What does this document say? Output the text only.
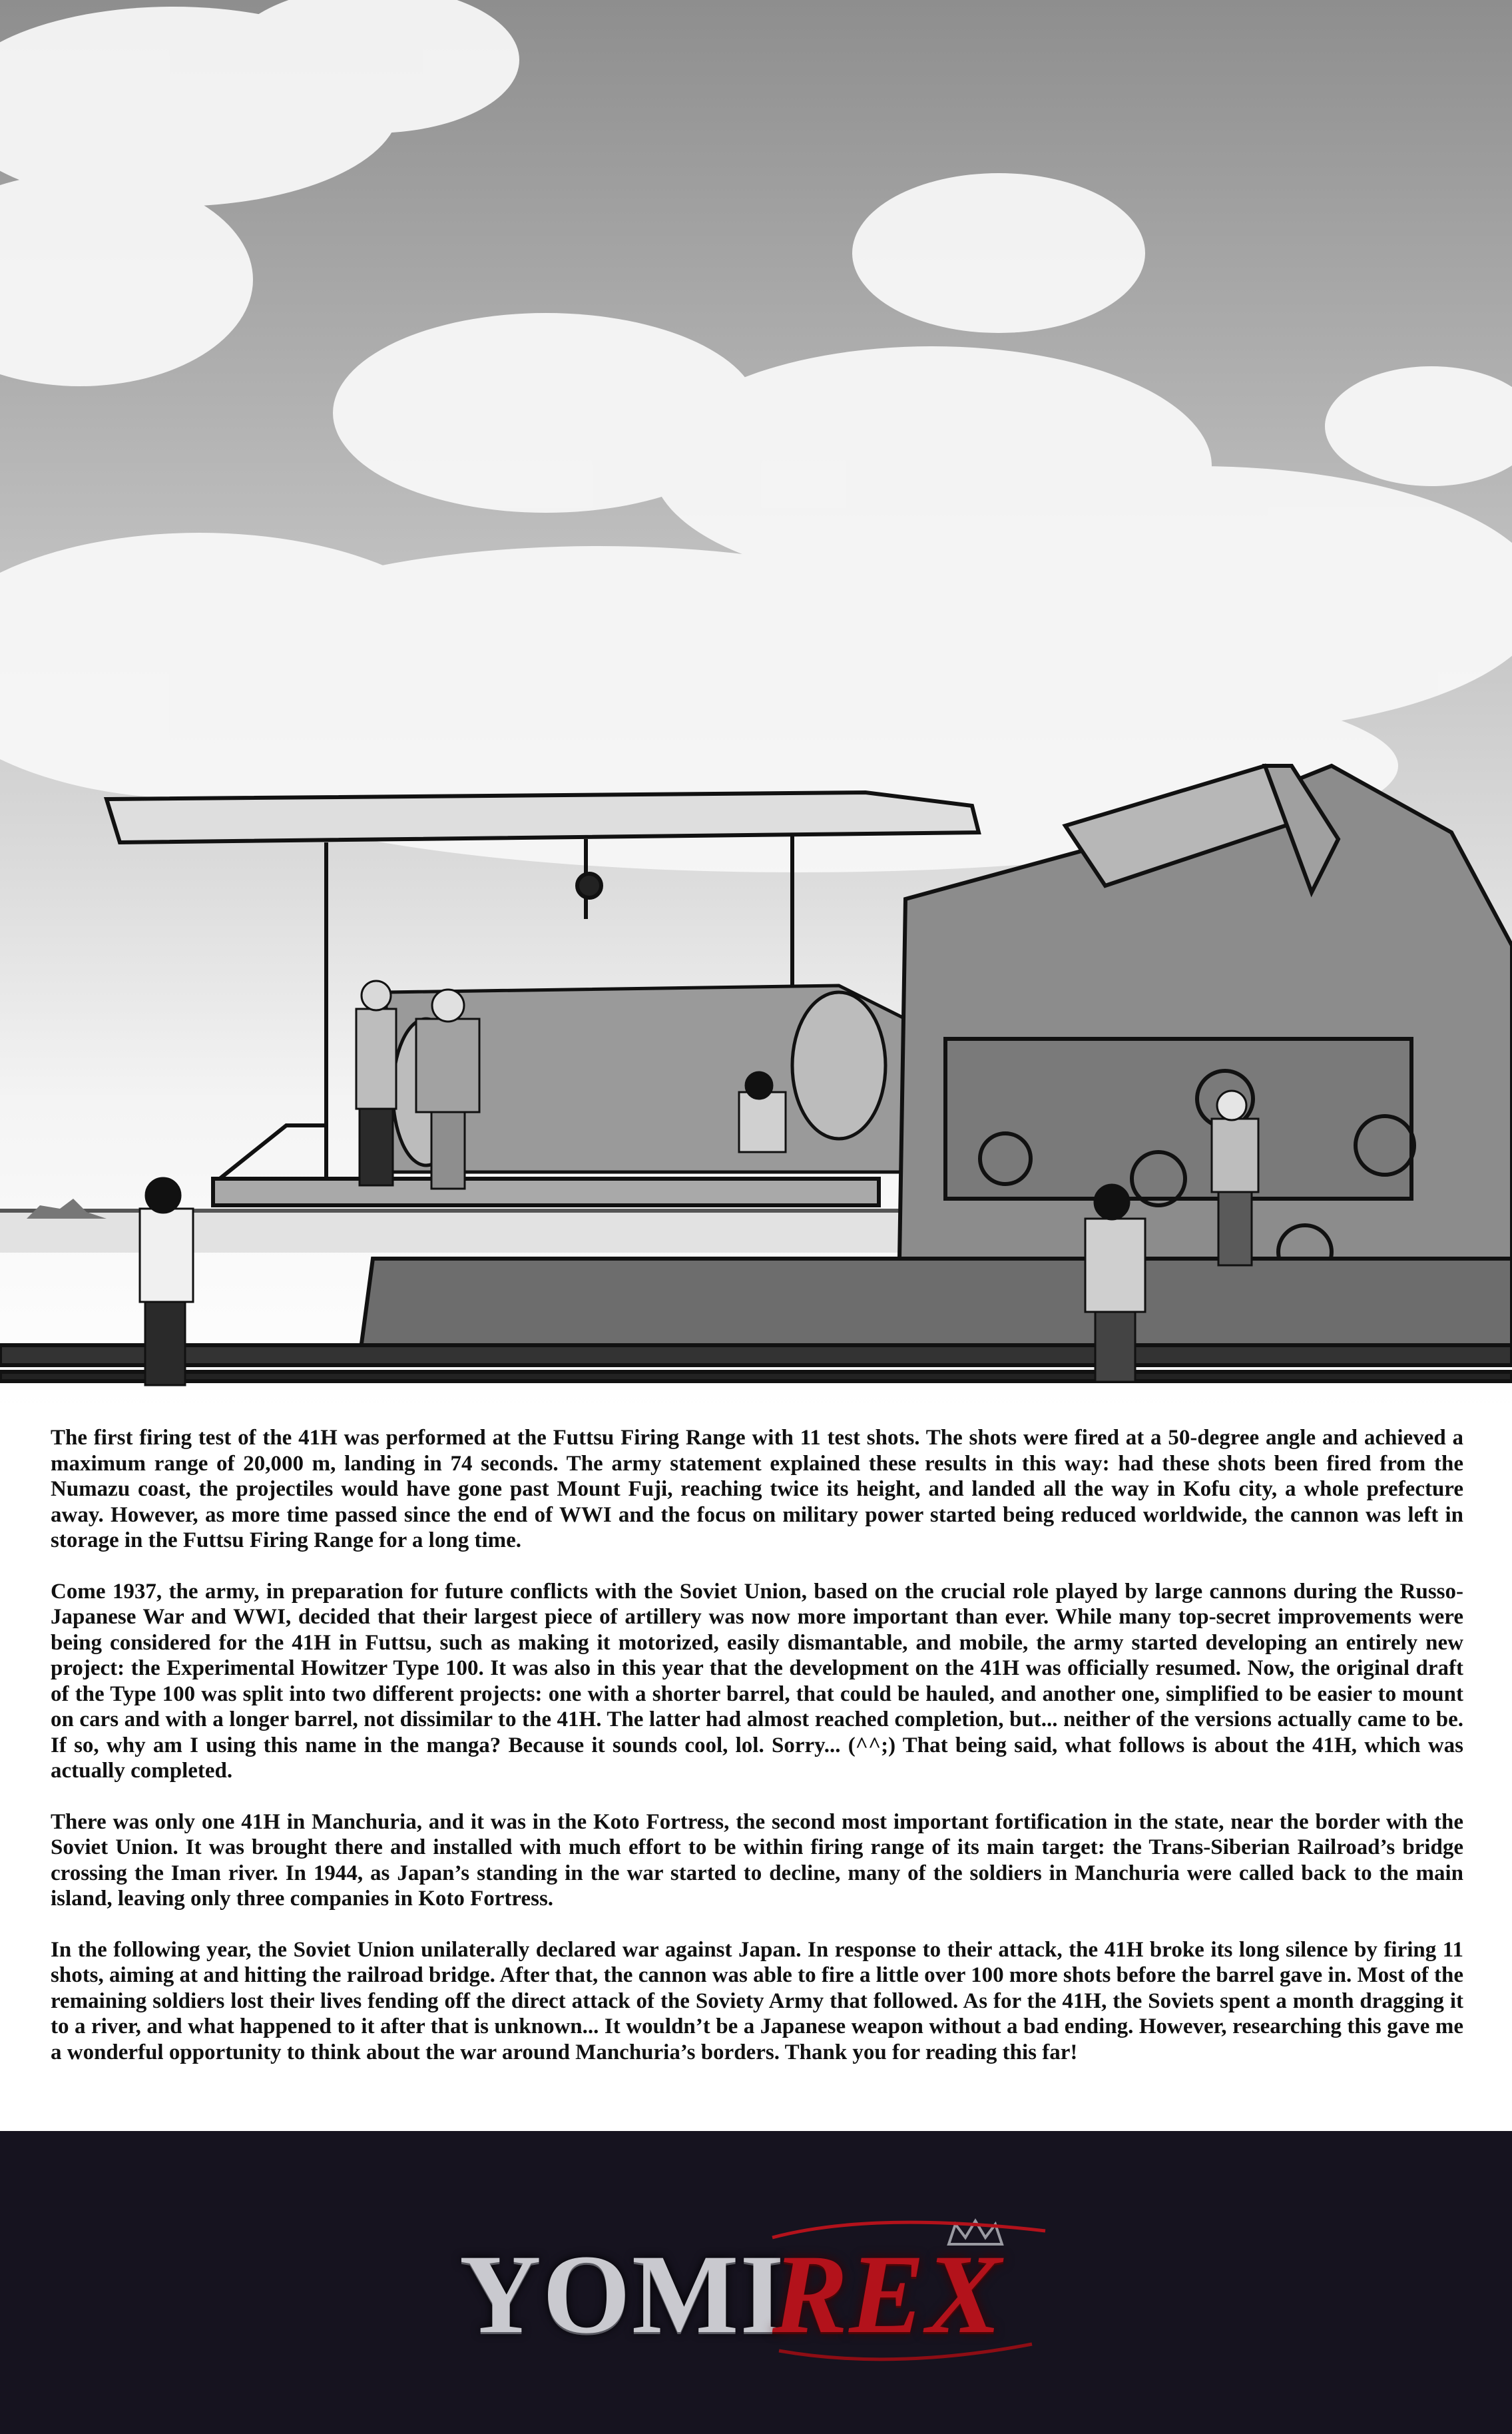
The first firing test of the 41H was performed at the Futtsu Firing Range with 11 test shots. The shots were fired at a 50-degree angle and achieved a maximum range of 20,000 m, landing in 74 seconds. The army statement explained these results in this way: had these shots been fired from the Numazu coast, the projectiles would have gone past Mount Fuji, reaching twice its height, and landed all the way in Kofu city, a whole prefecture away. However, as more time passed since the end of WWI and the focus on military power started being reduced worldwide, the cannon was left in storage in the Futtsu Firing Range for a long time.

Come 1937, the army, in preparation for future conflicts with the Soviet Union, based on the crucial role played by large cannons during the Russo-Japanese War and WWI, decided that their largest piece of artillery was now more important than ever. While many top-secret improvements were being considered for the 41H in Futtsu, such as making it motorized, easily dismantable, and mobile, the army started developing an entirely new project: the Experimental Howitzer Type 100. It was also in this year that the development on the 41H was officially resumed. Now, the original draft of the Type 100 was split into two different projects: one with a shorter barrel, that could be hauled, and another one, simplified to be easier to mount on cars and with a longer barrel, not dissimilar to the 41H. The latter had almost reached completion, but... neither of the versions actually came to be. If so, why am I using this name in the manga? Because it sounds cool, lol. Sorry... (^^;) That being said, what follows is about the 41H, which was actually completed.

There was only one 41H in Manchuria, and it was in the Koto Fortress, the second most important fortification in the state, near the border with the Soviet Union. It was brought there and installed with much effort to be within firing range of its main target: the Trans-Siberian Railroad’s bridge crossing the Iman river. In 1944, as Japan’s standing in the war started to decline, many of the soldiers in Manchuria were called back to the main island, leaving only three companies in Koto Fortress.

In the following year, the Soviet Union unilaterally declared war against Japan. In response to their attack, the 41H broke its long silence by firing 11 shots, aiming at and hitting the railroad bridge. After that, the cannon was able to fire a little over 100 more shots before the barrel gave in. Most of the remaining soldiers lost their lives fending off the direct attack of the Soviety Army that followed. As for the 41H, the Soviets spent a month dragging it to a river, and what happened to it after that is unknown... It wouldn’t be a Japanese weapon without a bad ending. However, researching this gave me a wonderful opportunity to think about the war around Manchuria’s borders. Thank you for reading this far!

YOMI
REX
